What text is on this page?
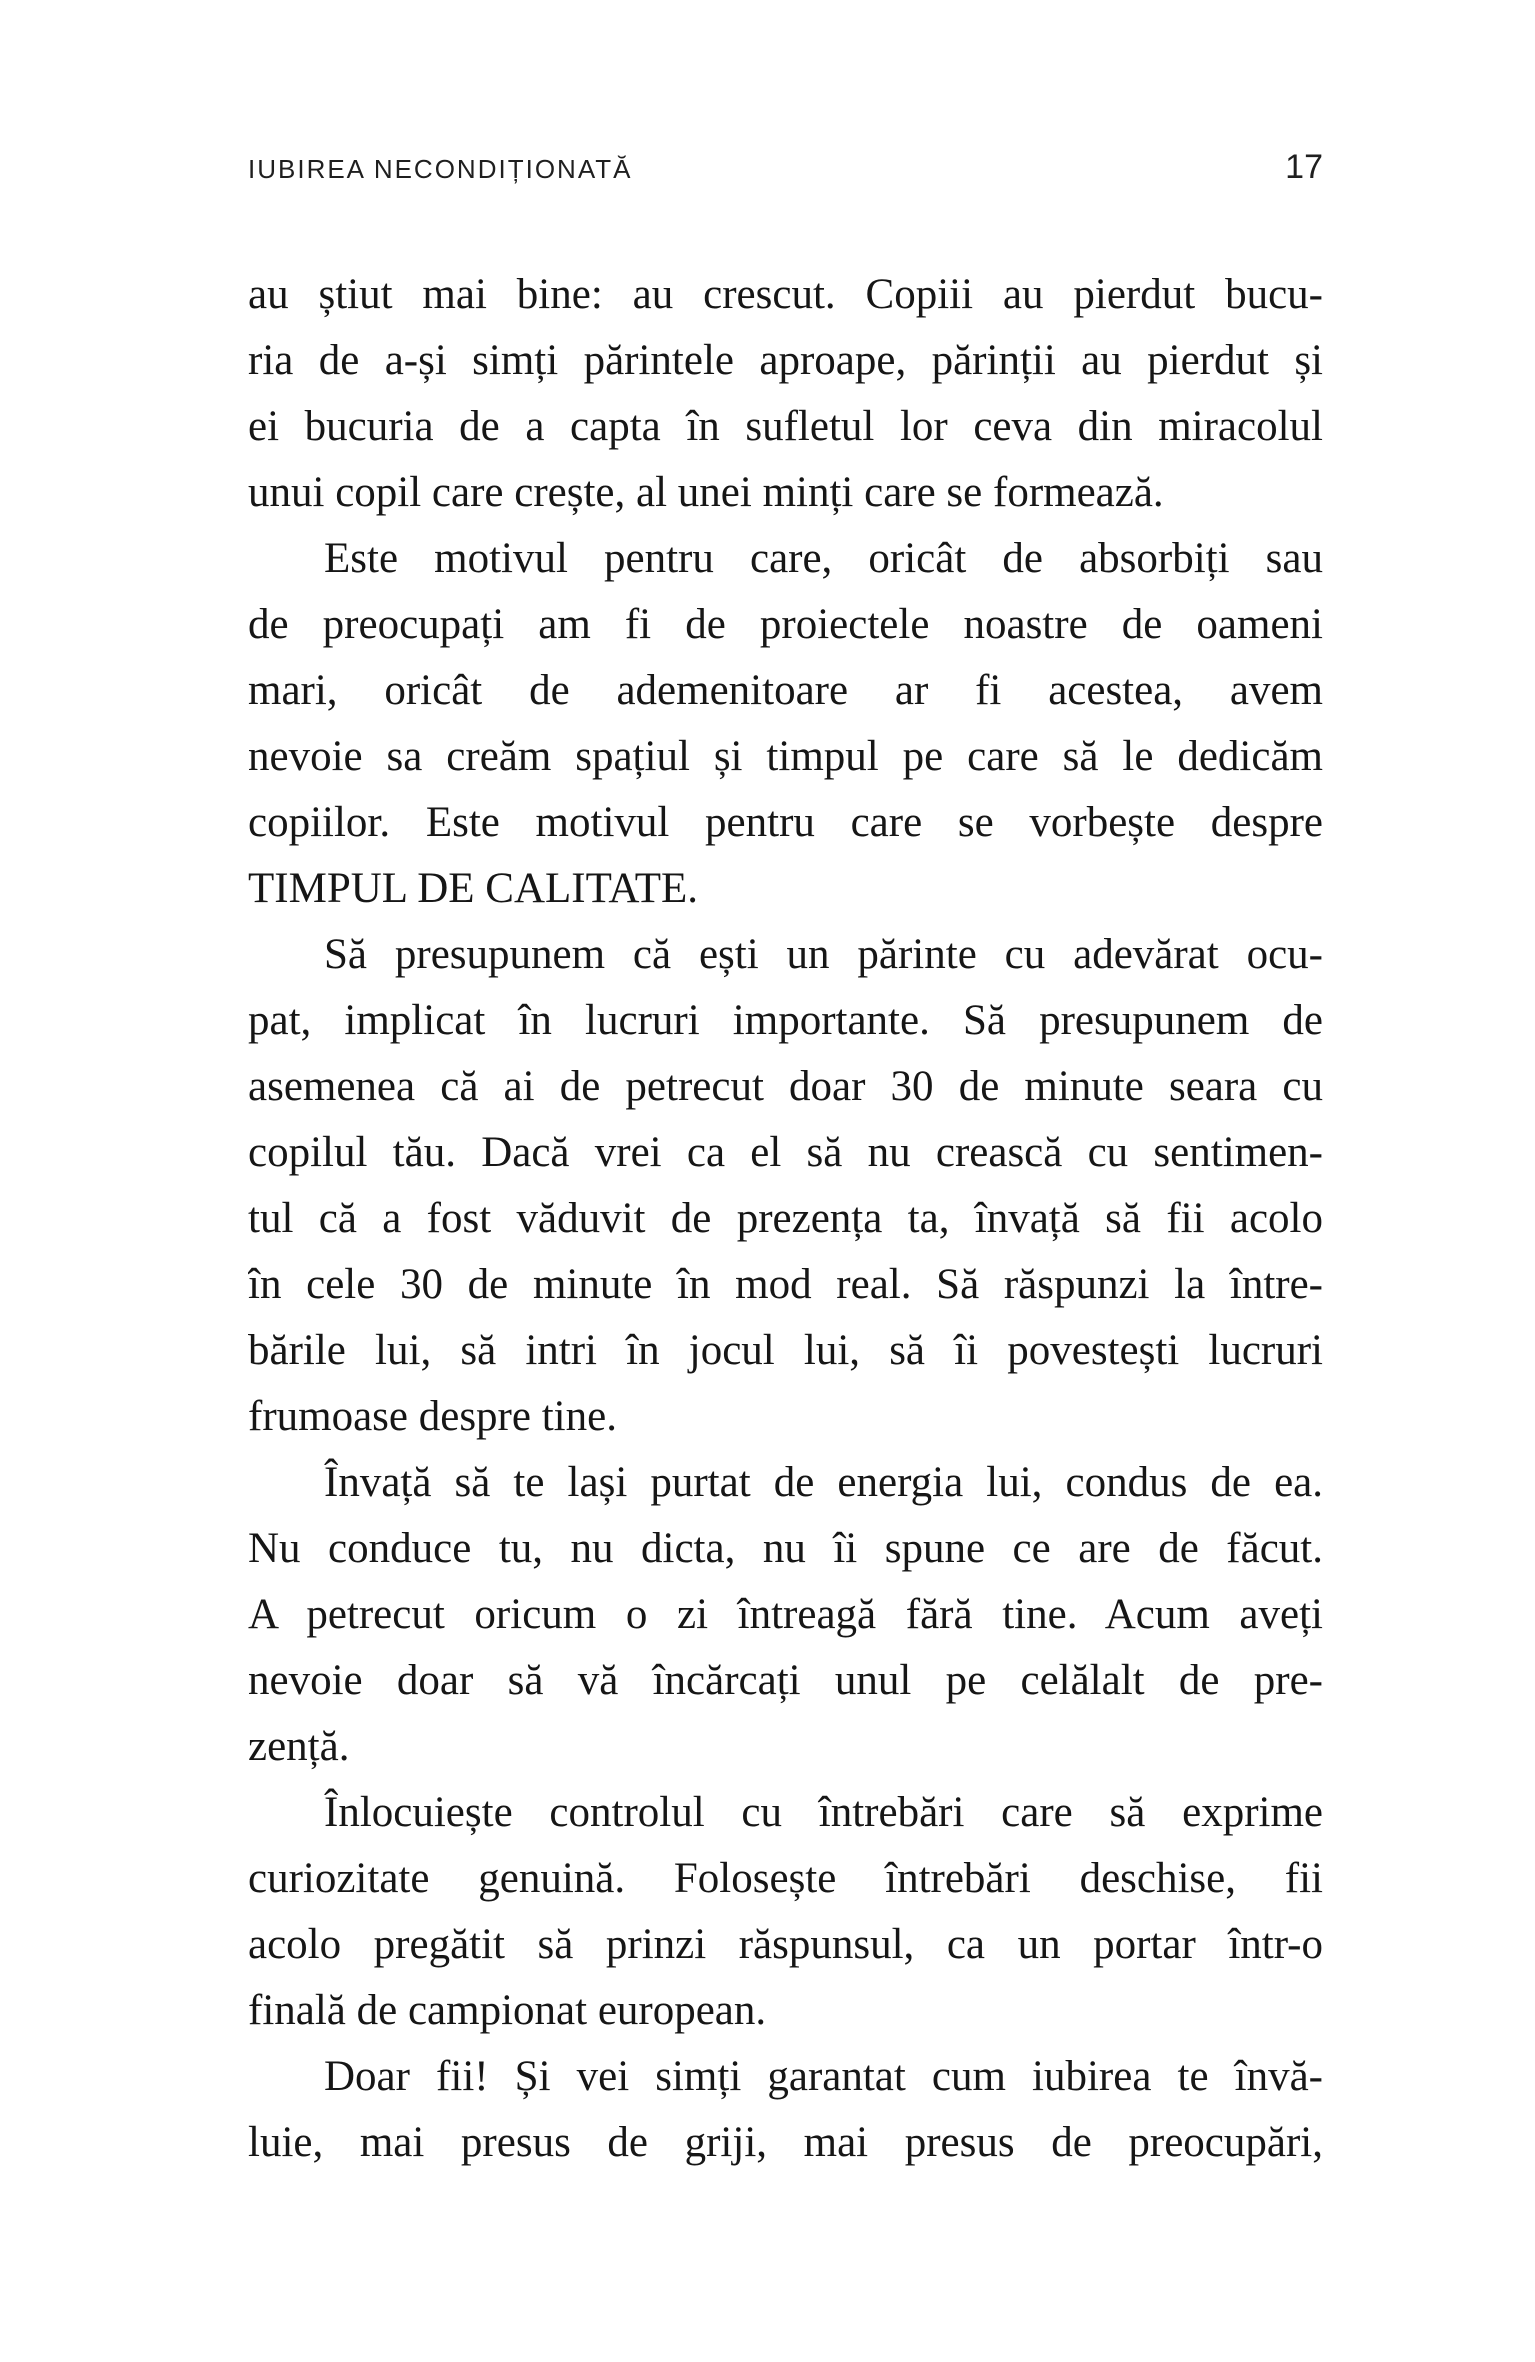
IUBIREA NECONDIȚIONATĂ	17
au știut mai bine: au crescut. Copiii au pierdut bucu-
ria de a-și simți părintele aproape, părinții au pierdut și
ei bucuria de a capta în sufletul lor ceva din miracolul
unui copil care crește, al unei minți care se formează.
Este motivul pentru care, oricât de absorbiți sau
de preocupați am fi de proiectele noastre de oameni
mari, oricât de ademenitoare ar fi acestea, avem
nevoie sa creăm spațiul și timpul pe care să le dedicăm
copiilor. Este motivul pentru care se vorbește despre
TIMPUL DE CALITATE.
Să presupunem că ești un părinte cu adevărat ocu-
pat, implicat în lucruri importante. Să presupunem de
asemenea că ai de petrecut doar 30 de minute seara cu
copilul tău. Dacă vrei ca el să nu crească cu sentimen-
tul că a fost văduvit de prezența ta, învață să fii acolo
în cele 30 de minute în mod real. Să răspunzi la între-
bările lui, să intri în jocul lui, să îi povestești lucruri
frumoase despre tine.
Învață să te lași purtat de energia lui, condus de ea.
Nu conduce tu, nu dicta, nu îi spune ce are de făcut.
A petrecut oricum o zi întreagă fără tine. Acum aveți
nevoie doar să vă încărcați unul pe celălalt de pre-
zență.
Înlocuiește controlul cu întrebări care să exprime
curiozitate genuină. Folosește întrebări deschise, fii
acolo pregătit să prinzi răspunsul, ca un portar într-o
finală de campionat european.
Doar fii! Și vei simți garantat cum iubirea te învă-
luie, mai presus de griji, mai presus de preocupări,
